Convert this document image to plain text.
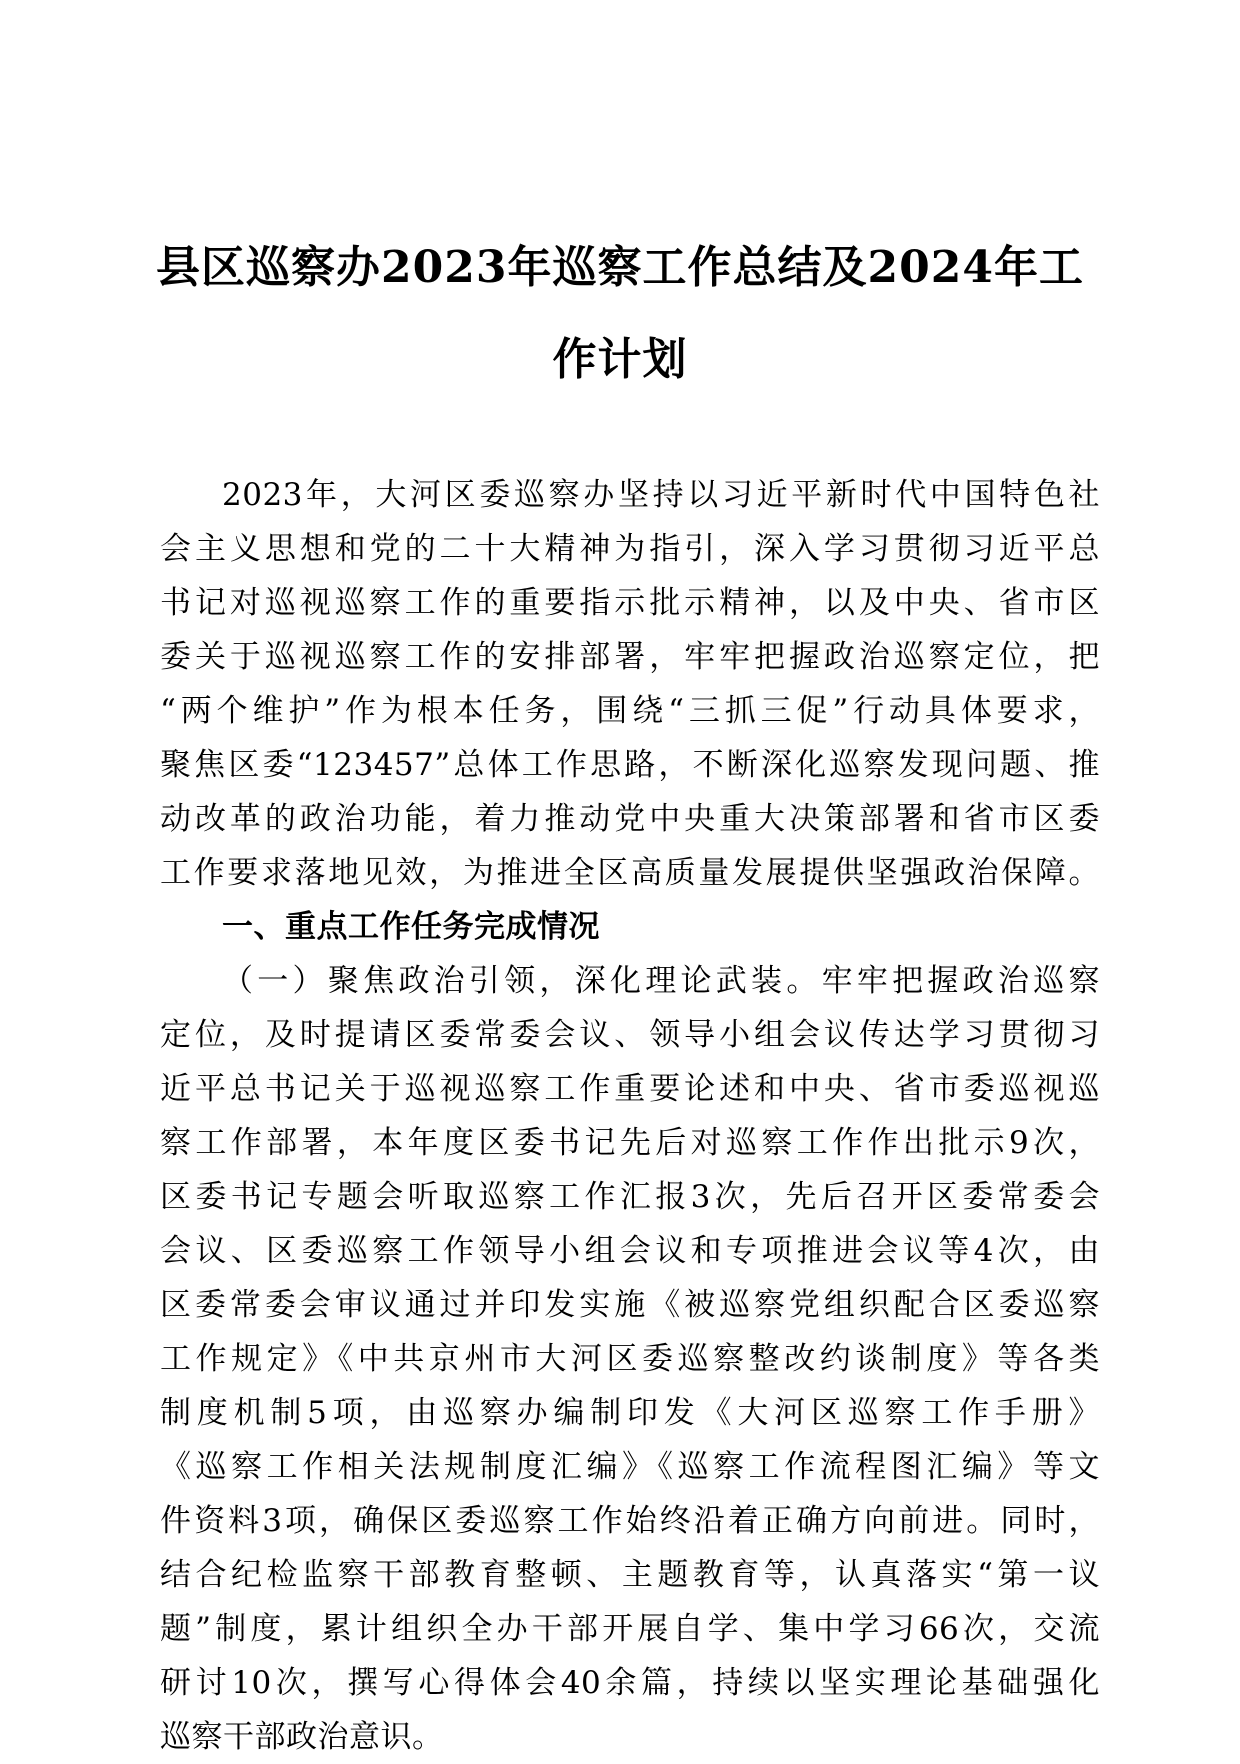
县区巡察办2023年巡察工作总结及2024年工
作计划
2023年，大河区委巡察办坚持以习近平新时代中国特色社
会主义思想和党的二十大精神为指引，深入学习贯彻习近平总
书记对巡视巡察工作的重要指示批示精神，以及中央、省市区
委关于巡视巡察工作的安排部署，牢牢把握政治巡察定位，把
“两个维护”作为根本任务，围绕“三抓三促”行动具体要求，
聚焦区委“123457”总体工作思路，不断深化巡察发现问题、推
动改革的政治功能，着力推动党中央重大决策部署和省市区委
工作要求落地见效，为推进全区高质量发展提供坚强政治保障。
一、重点工作任务完成情况
（一）聚焦政治引领，深化理论武装。牢牢把握政治巡察
定位，及时提请区委常委会议、领导小组会议传达学习贯彻习
近平总书记关于巡视巡察工作重要论述和中央、省市委巡视巡
察工作部署，本年度区委书记先后对巡察工作作出批示9次，
区委书记专题会听取巡察工作汇报3次，先后召开区委常委会
会议、区委巡察工作领导小组会议和专项推进会议等4次，由
区委常委会审议通过并印发实施《被巡察党组织配合区委巡察
工作规定》《中共京州市大河区委巡察整改约谈制度》等各类
制度机制5项，由巡察办编制印发《大河区巡察工作手册》
《巡察工作相关法规制度汇编》《巡察工作流程图汇编》等文
件资料3项，确保区委巡察工作始终沿着正确方向前进。同时，
结合纪检监察干部教育整顿、主题教育等，认真落实“第一议
题”制度，累计组织全办干部开展自学、集中学习66次，交流
研讨10次，撰写心得体会40余篇，持续以坚实理论基础强化
巡察干部政治意识。
